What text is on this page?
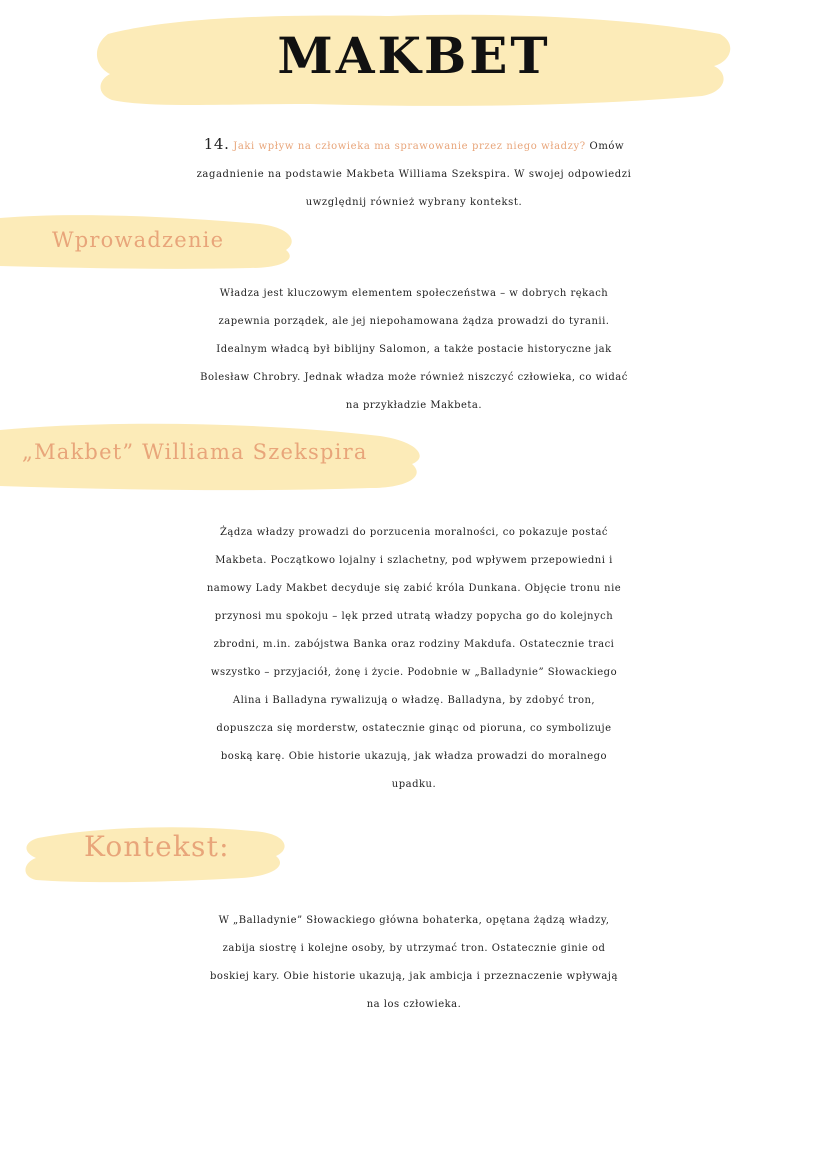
MAKBET
14. Jaki wpływ na człowieka ma sprawowanie przez niego władzy? Omów
zagadnienie na podstawie Makbeta Williama Szekspira. W swojej odpowiedzi
uwzględnij również wybrany kontekst.
Wprowadzenie
Władza jest kluczowym elementem społeczeństwa – w dobrych rękach
zapewnia porządek, ale jej niepohamowana żądza prowadzi do tyranii.
Idealnym władcą był biblijny Salomon, a także postacie historyczne jak
Bolesław Chrobry. Jednak władza może również niszczyć człowieka, co widać
na przykładzie Makbeta.
„Makbet” Williama Szekspira
Żądza władzy prowadzi do porzucenia moralności, co pokazuje postać
Makbeta. Początkowo lojalny i szlachetny, pod wpływem przepowiedni i
namowy Lady Makbet decyduje się zabić króla Dunkana. Objęcie tronu nie
przynosi mu spokoju – lęk przed utratą władzy popycha go do kolejnych
zbrodni, m.in. zabójstwa Banka oraz rodziny Makdufa. Ostatecznie traci
wszystko – przyjaciół, żonę i życie. Podobnie w „Balladynie” Słowackiego
Alina i Balladyna rywalizują o władzę. Balladyna, by zdobyć tron,
dopuszcza się morderstw, ostatecznie ginąc od pioruna, co symbolizuje
boską karę. Obie historie ukazują, jak władza prowadzi do moralnego
upadku.
Kontekst:
W „Balladynie” Słowackiego główna bohaterka, opętana żądzą władzy,
zabija siostrę i kolejne osoby, by utrzymać tron. Ostatecznie ginie od
boskiej kary. Obie historie ukazują, jak ambicja i przeznaczenie wpływają
na los człowieka.
